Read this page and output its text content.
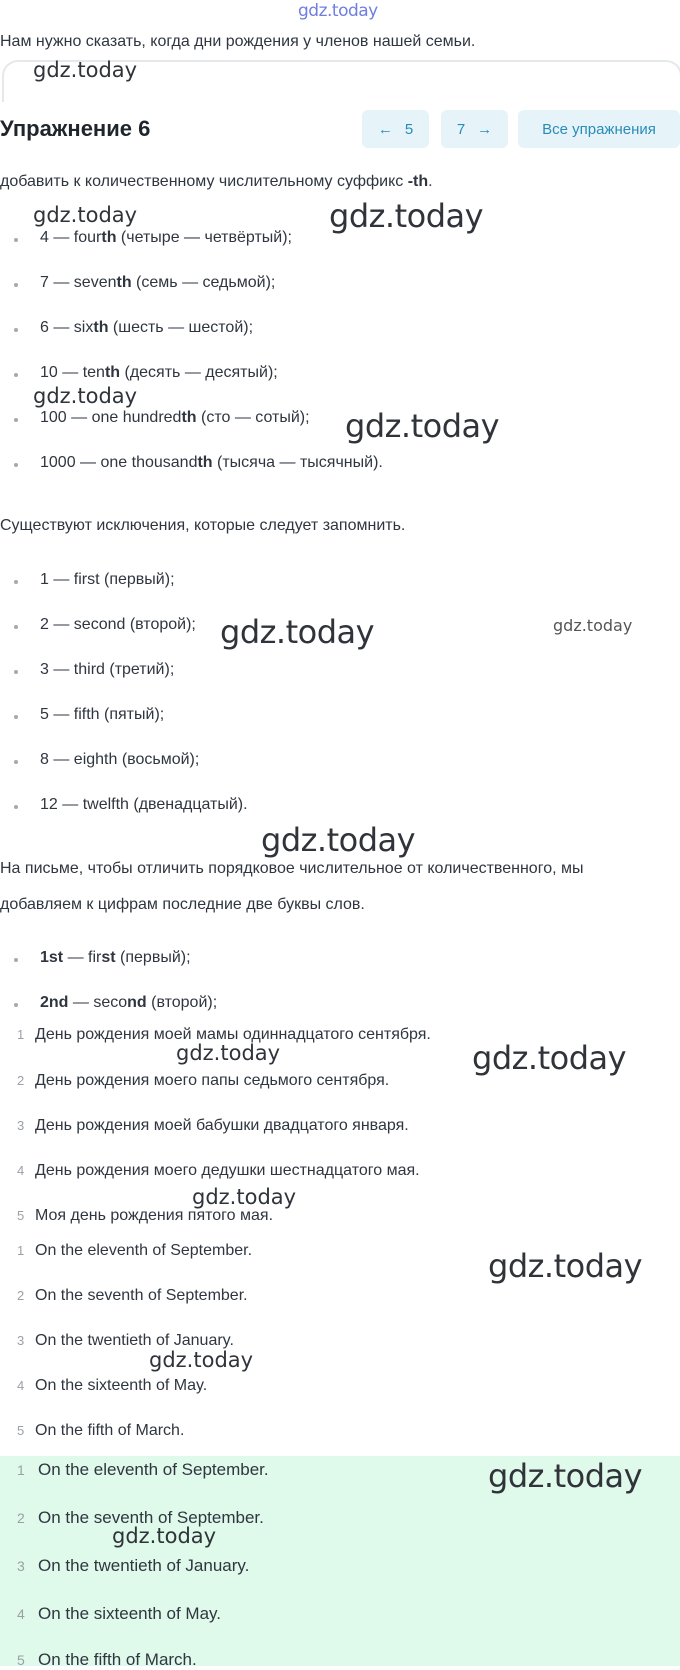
gdz.today
Нам нужно сказать, когда дни рождения у членов нашей семьи.
gdz.today
Упражнение 6	← 5	7 →	Все упражнения
добавить к количественному числительному суффикс -th.
gdz.today	gdz.today
4 — fourth (четыре — четвёртый);
7 — seventh (семь — седьмой);
6 — sixth (шесть — шестой);
10 — tenth (десять — десятый);
gdz.today
100 — one hundredth (сто — сотый); gdz.today
1000 — one thousandth (тысяча — тысячный).
Существуют исключения, которые следует запомнить.
1 — first (первый);
2 — second (второй); gdz.today	gdz.today
3 — third (третий);
5 — fifth (пятый);
8 — eighth (восьмой);
12 — twelfth (двенадцатый).
gdz.today
На письме, чтобы отличить порядковое числительное от количественного, мы
добавляем к цифрам последние две буквы слов.
1st — first (первый);
2nd — second (второй);
1 День рождения моей мамы одиннадцатого сентября.
gdz.today	gdz.today
2 День рождения моего папы седьмого сентября.
3 День рождения моей бабушки двадцатого января.
4 День рождения моего дедушки шестнадцатого мая.
gdz.today
5 Моя день рождения пятого мая.
1 On the eleventh of September.	gdz.today
2 On the seventh of September.
3 On the twentieth of January.
gdz.today
4 On the sixteenth of May.
5 On the fifth of March.
1 On the eleventh of September.	gdz.today
2 On the seventh of September.
gdz.today
3 On the twentieth of January.
4 On the sixteenth of May.
5 On the fifth of March.
